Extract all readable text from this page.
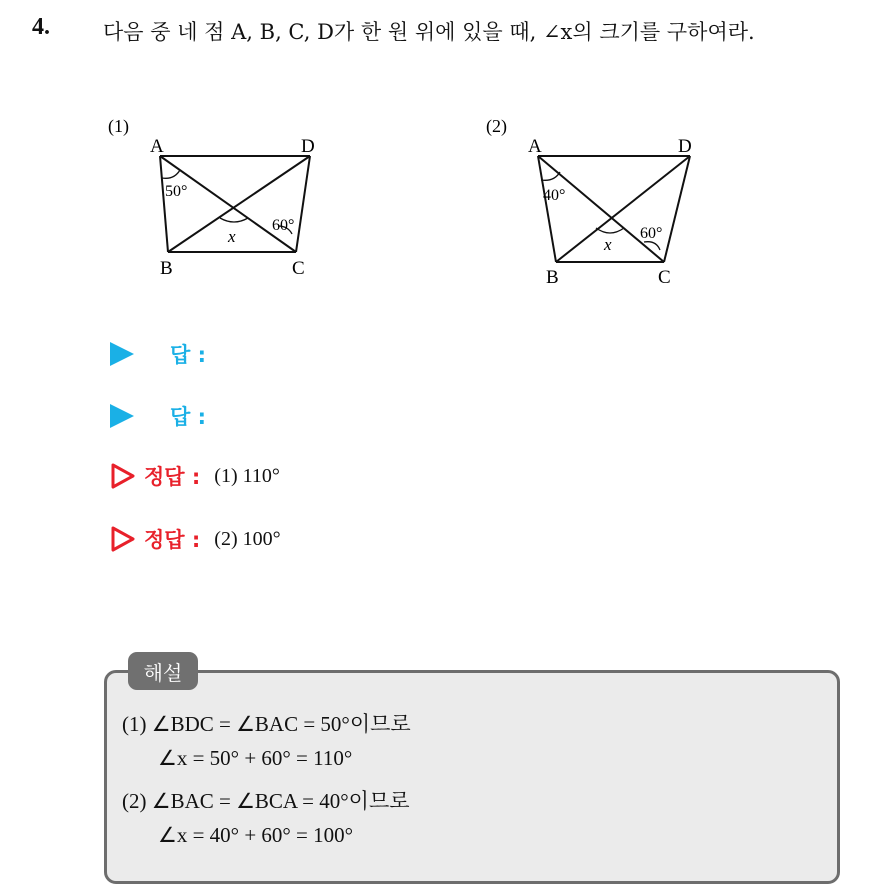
4.	다음 중 네 점 A, B, C, D가 한 원 위에 있을 때, ∠x의 크기를 구하여라.
(1)
A	D
B	C
50°
60°
x
(2)
A	D
B	C
40°
60°
x
답 :
답 :
정답 : (1) 110°
정답 : (2) 100°
해설
(1) ∠BDC = ∠BAC = 50°이므로
∠x = 50° + 60° = 110°
(2) ∠BAC = ∠BCA = 40°이므로
∠x = 40° + 60° = 100°
